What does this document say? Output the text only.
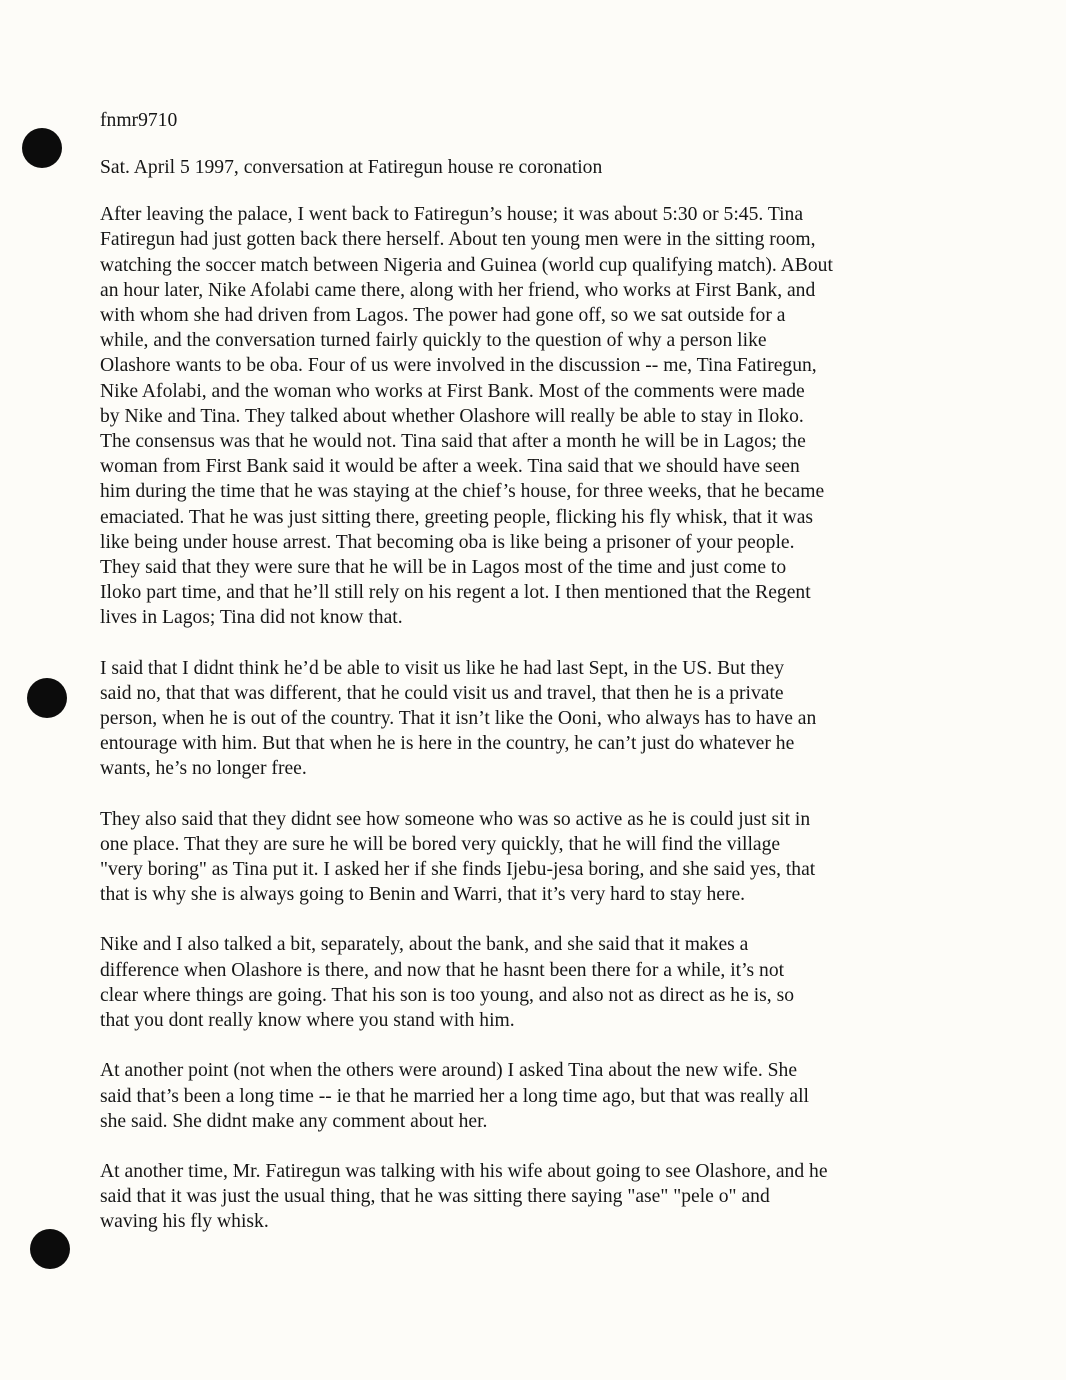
fnmr9710

Sat. April 5 1997, conversation at Fatiregun house re coronation

After leaving the palace, I went back to Fatiregun’s house; it was about 5:30 or 5:45. Tina
Fatiregun had just gotten back there herself. About ten young men were in the sitting room,
watching the soccer match between Nigeria and Guinea (world cup qualifying match). ABout
an hour later, Nike Afolabi came there, along with her friend, who works at First Bank, and
with whom she had driven from Lagos. The power had gone off, so we sat outside for a
while, and the conversation turned fairly quickly to the question of why a person like
Olashore wants to be oba. Four of us were involved in the discussion -- me, Tina Fatiregun,
Nike Afolabi, and the woman who works at First Bank. Most of the comments were made
by Nike and Tina. They talked about whether Olashore will really be able to stay in Iloko.
The consensus was that he would not. Tina said that after a month he will be in Lagos; the
woman from First Bank said it would be after a week. Tina said that we should have seen
him during the time that he was staying at the chief’s house, for three weeks, that he became
emaciated. That he was just sitting there, greeting people, flicking his fly whisk, that it was
like being under house arrest. That becoming oba is like being a prisoner of your people.
They said that they were sure that he will be in Lagos most of the time and just come to
Iloko part time, and that he’ll still rely on his regent a lot. I then mentioned that the Regent
lives in Lagos; Tina did not know that.

I said that I didnt think he’d be able to visit us like he had last Sept, in the US. But they
said no, that that was different, that he could visit us and travel, that then he is a private
person, when he is out of the country. That it isn’t like the Ooni, who always has to have an
entourage with him. But that when he is here in the country, he can’t just do whatever he
wants, he’s no longer free.

They also said that they didnt see how someone who was so active as he is could just sit in
one place. That they are sure he will be bored very quickly, that he will find the village
"very boring" as Tina put it. I asked her if she finds Ijebu-jesa boring, and she said yes, that
that is why she is always going to Benin and Warri, that it’s very hard to stay here.

Nike and I also talked a bit, separately, about the bank, and she said that it makes a
difference when Olashore is there, and now that he hasnt been there for a while, it’s not
clear where things are going. That his son is too young, and also not as direct as he is, so
that you dont really know where you stand with him.

At another point (not when the others were around) I asked Tina about the new wife. She
said that’s been a long time -- ie that he married her a long time ago, but that was really all
she said. She didnt make any comment about her.

At another time, Mr. Fatiregun was talking with his wife about going to see Olashore, and he
said that it was just the usual thing, that he was sitting there saying "ase" "pele o" and
waving his fly whisk.
